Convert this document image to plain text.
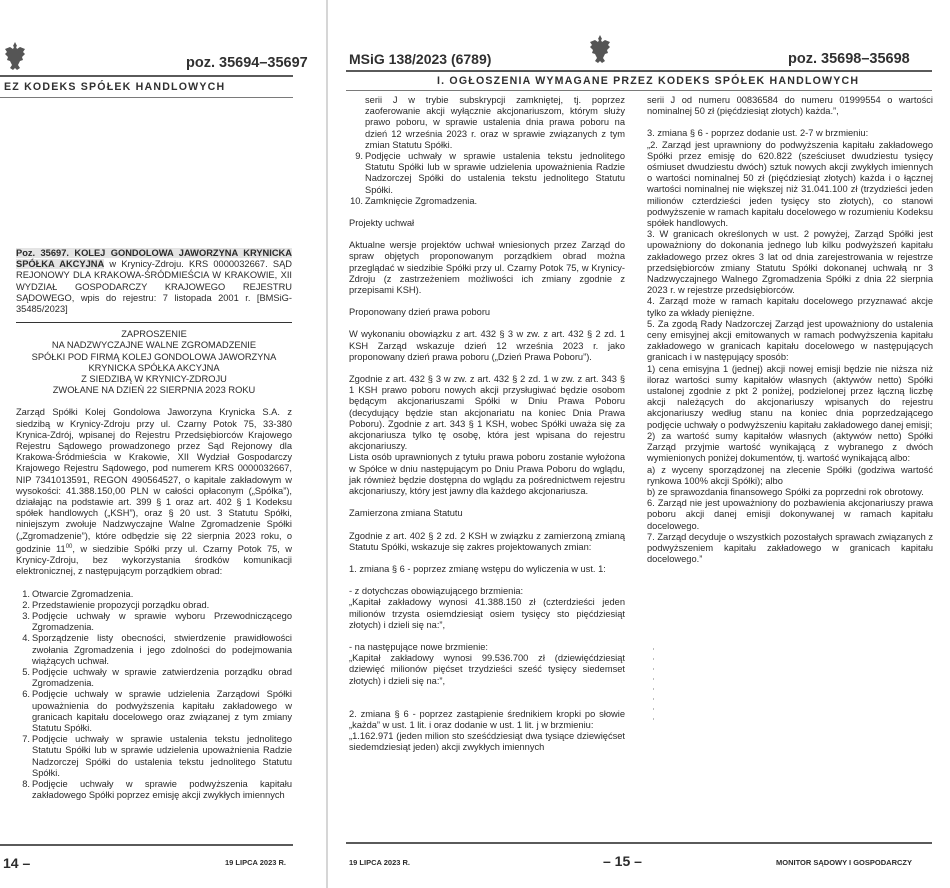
poz. 35694–35697
EZ KODEKS SPÓŁEK HANDLOWYCH

Poz. 35697. KOLEJ GONDOLOWA JAWORZYNA KRYNICKA SPÓŁKA AKCYJNA w Krynicy-Zdroju. KRS 0000032667. SĄD REJONOWY DLA KRAKOWA-ŚRÓDMIEŚCIA W KRAKOWIE, XII WYDZIAŁ GOSPODARCZY KRAJOWEGO REJESTRU SĄDOWEGO, wpis do rejestru: 7 listopada 2001 r. [BMSiG-35485/2023]

ZAPROSZENIE

NA NADZWYCZAJNE WALNE ZGROMADZENIE

SPÓŁKI POD FIRMĄ KOLEJ GONDOLOWA JAWORZYNA

KRYNICKA SPÓŁKA AKCYJNA

Z SIEDZIBĄ W KRYNICY-ZDROJU

ZWOŁANE NA DZIEŃ 22 SIERPNIA 2023 ROKU

Zarząd Spółki Kolej Gondolowa Jaworzyna Krynicka S.A. z siedzibą w Krynicy-Zdroju przy ul. Czarny Potok 75, 33-380 Krynica-Zdrój, wpisanej do Rejestru Przedsiębiorców Krajowego Rejestru Sądowego prowadzonego przez Sąd Rejonowy dla Krakowa-Śródmieścia w Krakowie, XII Wydział Gospodarczy Krajowego Rejestru Sądowego, pod numerem KRS 0000032667, NIP 7341013591, REGON 490564527, o kapitale zakładowym w wysokości: 41.388.150,00 PLN w całości opłaconym („Spółka”), działając na podstawie art. 399 § 1 oraz art. 402 § 1 Kodeksu spółek handlowych („KSH”), oraz § 20 ust. 3 Statutu Spółki, niniejszym zwołuje Nadzwyczajne Walne Zgromadzenie Spółki („Zgromadzenie”), które odbędzie się 22 sierpnia 2023 roku, o godzinie $11^{00}$, w siedzibie Spółki przy ul. Czarny Potok 75, w Krynicy-Zdroju, bez wykorzystania środków komunikacji elektronicznej, z następującym porządkiem obrad:

1. Otwarcie Zgromadzenia.
2. Przedstawienie propozycji porządku obrad.
3. Podjęcie uchwały w sprawie wyboru Przewodniczącego Zgromadzenia.
4. Sporządzenie listy obecności, stwierdzenie prawidłowości zwołania Zgromadzenia i jego zdolności do podejmowania wiążących uchwał.
5. Podjęcie uchwały w sprawie zatwierdzenia porządku obrad Zgromadzenia.
6. Podjęcie uchwały w sprawie udzielenia Zarządowi Spółki upoważnienia do podwyższenia kapitału zakładowego w granicach kapitału docelowego oraz związanej z tym zmiany Statutu Spółki.
7. Podjęcie uchwały w sprawie ustalenia tekstu jednolitego Statutu Spółki lub w sprawie udzielenia upoważnienia Radzie Nadzorczej Spółki do ustalenia tekstu jednolitego Statutu Spółki.
8. Podjęcie uchwały w sprawie podwyższenia kapitału zakładowego Spółki poprzez emisję akcji zwykłych imiennych
14 –	19 LIPCA 2023 R.
MSiG 138/2023 (6789)	poz. 35698–35698
I. OGŁOSZENIA WYMAGANE PRZEZ KODEKS SPÓŁEK HANDLOWYCH
serii J w trybie subskrypcji zamkniętej, tj. poprzez zaoferowanie akcji wyłącznie akcjonariuszom, którym służy prawo poboru, w sprawie ustalenia dnia prawa poboru na dzień 12 września 2023 r. oraz w sprawie związanych z tym zmian Statutu Spółki.
9. Podjęcie uchwały w sprawie ustalenia tekstu jednolitego Statutu Spółki lub w sprawie udzielenia upoważnienia Radzie Nadzorczej Spółki do ustalenia tekstu jednolitego Statutu Spółki.
10. Zamknięcie Zgromadzenia.

Projekty uchwał

Aktualne wersje projektów uchwał wniesionych przez Zarząd do spraw objętych proponowanym porządkiem obrad można przeglądać w siedzibie Spółki przy ul. Czarny Potok 75, w Krynicy-Zdroju (z zastrzeżeniem możliwości ich zmiany zgodnie z przepisami KSH).

Proponowany dzień prawa poboru

W wykonaniu obowiązku z art. 432 § 3 w zw. z art. 432 § 2 zd. 1 KSH Zarząd wskazuje dzień 12 września 2023 r. jako proponowany dzień prawa poboru („Dzień Prawa Poboru”).

Zgodnie z art. 432 § 3 w zw. z art. 432 § 2 zd. 1 w zw. z art. 343 § 1 KSH prawo poboru nowych akcji przysługiwać będzie osobom będącym akcjonariuszami Spółki w Dniu Prawa Poboru (decydujący będzie stan akcjonariatu na koniec Dnia Prawa Poboru). Zgodnie z art. 343 § 1 KSH, wobec Spółki uważa się za akcjonariusza tylko tę osobę, która jest wpisana do rejestru akcjonariuszy.

Lista osób uprawnionych z tytułu prawa poboru zostanie wyłożona w Spółce w dniu następującym po Dniu Prawa Poboru do wglądu, jak również będzie dostępna do wglądu za pośrednictwem rejestru akcjonariuszy, który jest jawny dla każdego akcjonariusza.

Zamierzona zmiana Statutu

Zgodnie z art. 402 § 2 zd. 2 KSH w związku z zamierzoną zmianą Statutu Spółki, wskazuje się zakres projektowanych zmian:

1. zmiana § 6 - poprzez zmianę wstępu do wyliczenia w ust. 1:

- z dotychczas obowiązującego brzmienia:

„Kapitał zakładowy wynosi 41.388.150 zł (czterdzieści jeden milionów trzysta osiemdziesiąt osiem tysięcy sto pięćdziesiąt złotych) i dzieli się na:”,

- na następujące nowe brzmienie:

„Kapitał zakładowy wynosi 99.536.700 zł (dziewięćdziesiąt dziewięć milionów pięćset trzydzieści sześć tysięcy siedemset złotych) i dzieli się na:”,

2. zmiana § 6 - poprzez zastąpienie średnikiem kropki po słowie „każda” w ust. 1 lit. i oraz dodanie w ust. 1 lit. j w brzmieniu:

„1.162.971 (jeden milion sto sześćdziesiąt dwa tysiące dziewięćset siedemdziesiąt jeden) akcji zwykłych imiennych

serii J od numeru 00836584 do numeru 01999554 o wartości nominalnej 50 zł (pięćdziesiąt złotych) każda.”,

3. zmiana § 6 - poprzez dodanie ust. 2-7 w brzmieniu:

„2. Zarząd jest uprawniony do podwyższenia kapitału zakładowego Spółki przez emisję do 620.822 (sześciuset dwudziestu tysięcy ośmiuset dwudziestu dwóch) sztuk nowych akcji zwykłych imiennych o wartości nominalnej 50 zł (pięćdziesiąt złotych) każda i o łącznej wartości nominalnej nie większej niż 31.041.100 zł (trzydzieści jeden milionów czterdzieści jeden tysięcy sto złotych), co stanowi podwyższenie w ramach kapitału docelowego w rozumieniu Kodeksu spółek handlowych.

3. W granicach określonych w ust. 2 powyżej, Zarząd Spółki jest upoważniony do dokonania jednego lub kilku podwyższeń kapitału zakładowego przez okres 3 lat od dnia zarejestrowania w rejestrze przedsiębiorców zmiany Statutu Spółki dokonanej uchwałą nr 3 Nadzwyczajnego Walnego Zgromadzenia Spółki z dnia 22 sierpnia 2023 r. w rejestrze przedsiębiorców.

4. Zarząd może w ramach kapitału docelowego przyznawać akcje tylko za wkłady pieniężne.

5. Za zgodą Rady Nadzorczej Zarząd jest upoważniony do ustalenia ceny emisyjnej akcji emitowanych w ramach podwyższenia kapitału zakładowego w granicach kapitału docelowego w następujących granicach i w następujący sposób:

1) cena emisyjna 1 (jednej) akcji nowej emisji będzie nie niższa niż iloraz wartości sumy kapitałów własnych (aktywów netto) Spółki ustalonej zgodnie z pkt 2 poniżej, podzielonej przez łączną liczbę akcji należących do akcjonariuszy wpisanych do rejestru akcjonariuszy według stanu na koniec dnia poprzedzającego podjęcie uchwały o podwyższeniu kapitału zakładowego danej emisji;

2) za wartość sumy kapitałów własnych (aktywów netto) Spółki Zarząd przyjmie wartość wynikającą z wybranego z dwóch wymienionych poniżej dokumentów, tj. wartość wynikającą albo:

a) z wyceny sporządzonej na zlecenie Spółki (godziwa wartość rynkowa 100% akcji Spółki); albo

b) ze sprawozdania finansowego Spółki za poprzedni rok obrotowy.

6. Zarząd nie jest upoważniony do pozbawienia akcjonariuszy prawa poboru akcji danej emisji dokonywanej w ramach kapitału docelowego.

7. Zarząd decyduje o wszystkich pozostałych sprawach związanych z podwyższeniem kapitału zakładowego w granicach kapitału docelowego.”

19 LIPCA 2023 R.	– 15 –	MONITOR SĄDOWY I GOSPODARCZY
